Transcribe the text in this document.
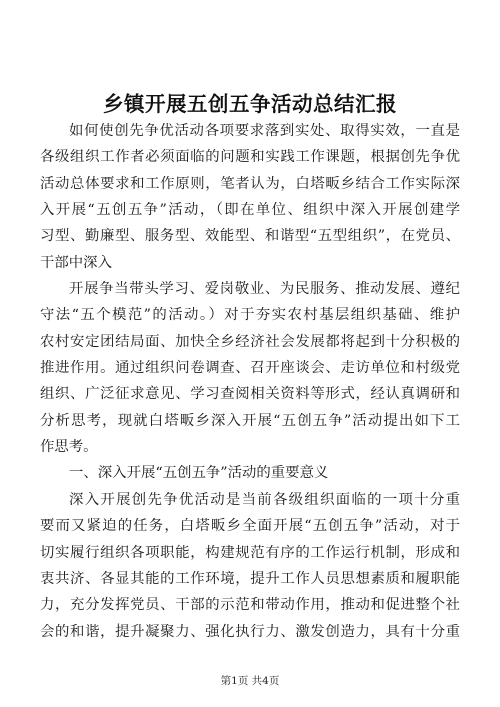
乡镇开展五创五争活动总结汇报
如何使创先争优活动各项要求落到实处、取得实效，一直是
各级组织工作者必须面临的问题和实践工作课题，根据创先争优
活动总体要求和工作原则，笔者认为，白塔畈乡结合工作实际深
入开展“五创五争”活动，（即在单位、组织中深入开展创建学
习型、勤廉型、服务型、效能型、和谐型“五型组织”，在党员、
干部中深入
开展争当带头学习、爱岗敬业、为民服务、推动发展、遵纪
守法“五个模范”的活动。）对于夯实农村基层组织基础、维护
农村安定团结局面、加快全乡经济社会发展都将起到十分积极的
推进作用。通过组织问卷调查、召开座谈会、走访单位和村级党
组织、广泛征求意见、学习查阅相关资料等形式，经认真调研和
分析思考，现就白塔畈乡深入开展“五创五争”活动提出如下工
作思考。
一、深入开展“五创五争”活动的重要意义
深入开展创先争优活动是当前各级组织面临的一项十分重
要而又紧迫的任务，白塔畈乡全面开展“五创五争”活动，对于
切实履行组织各项职能，构建规范有序的工作运行机制，形成和
衷共济、各显其能的工作环境，提升工作人员思想素质和履职能
力，充分发挥党员、干部的示范和带动作用，推动和促进整个社
会的和谐，提升凝聚力、强化执行力、激发创造力，具有十分重
第1页 共4页
